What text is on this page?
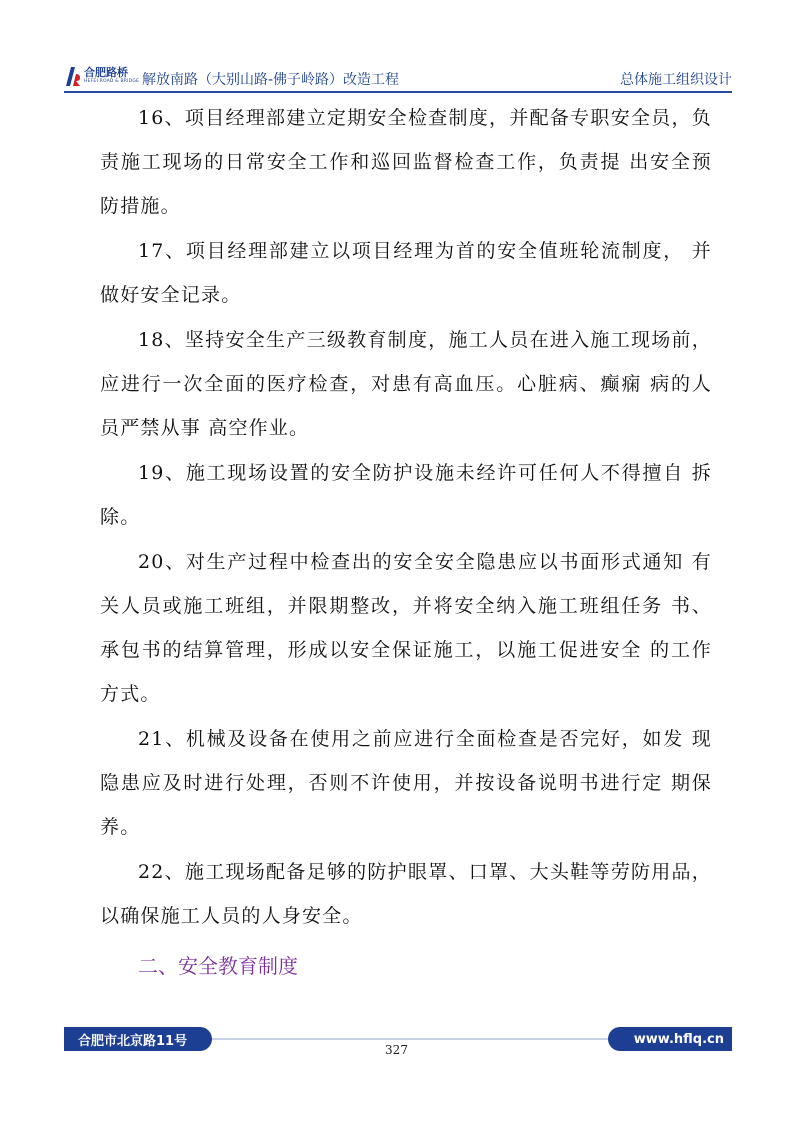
合肥路桥
HEFEI ROAD & BRIDGE 解放南路（大别山路-佛子岭路）改造工程	总体施工组织设计

16、项目经理部建立定期安全检查制度，并配备专职安全员，负责施工现场的日常安全工作和巡回监督检查工作，负责提 出安全预防措施。

17、项目经理部建立以项目经理为首的安全值班轮流制度， 并做好安全记录。

18、坚持安全生产三级教育制度，施工人员在进入施工现场前，应进行一次全面的医疗检查，对患有高血压。心脏病、癫痫 病的人员严禁从事 高空作业。

19、施工现场设置的安全防护设施未经许可任何人不得擅自 拆除。

20、对生产过程中检查出的安全安全隐患应以书面形式通知 有关人员或施工班组，并限期整改，并将安全纳入施工班组任务 书、承包书的结算管理，形成以安全保证施工，以施工促进安全 的工作方式。

21、机械及设备在使用之前应进行全面检查是否完好，如发 现隐患应及时进行处理，否则不许使用，并按设备说明书进行定 期保养。

22、施工现场配备足够的防护眼罩、口罩、大头鞋等劳防用品，以确保施工人员的人身安全。

二、安全教育制度
合肥市北京路11号	www.hflq.cn
327
